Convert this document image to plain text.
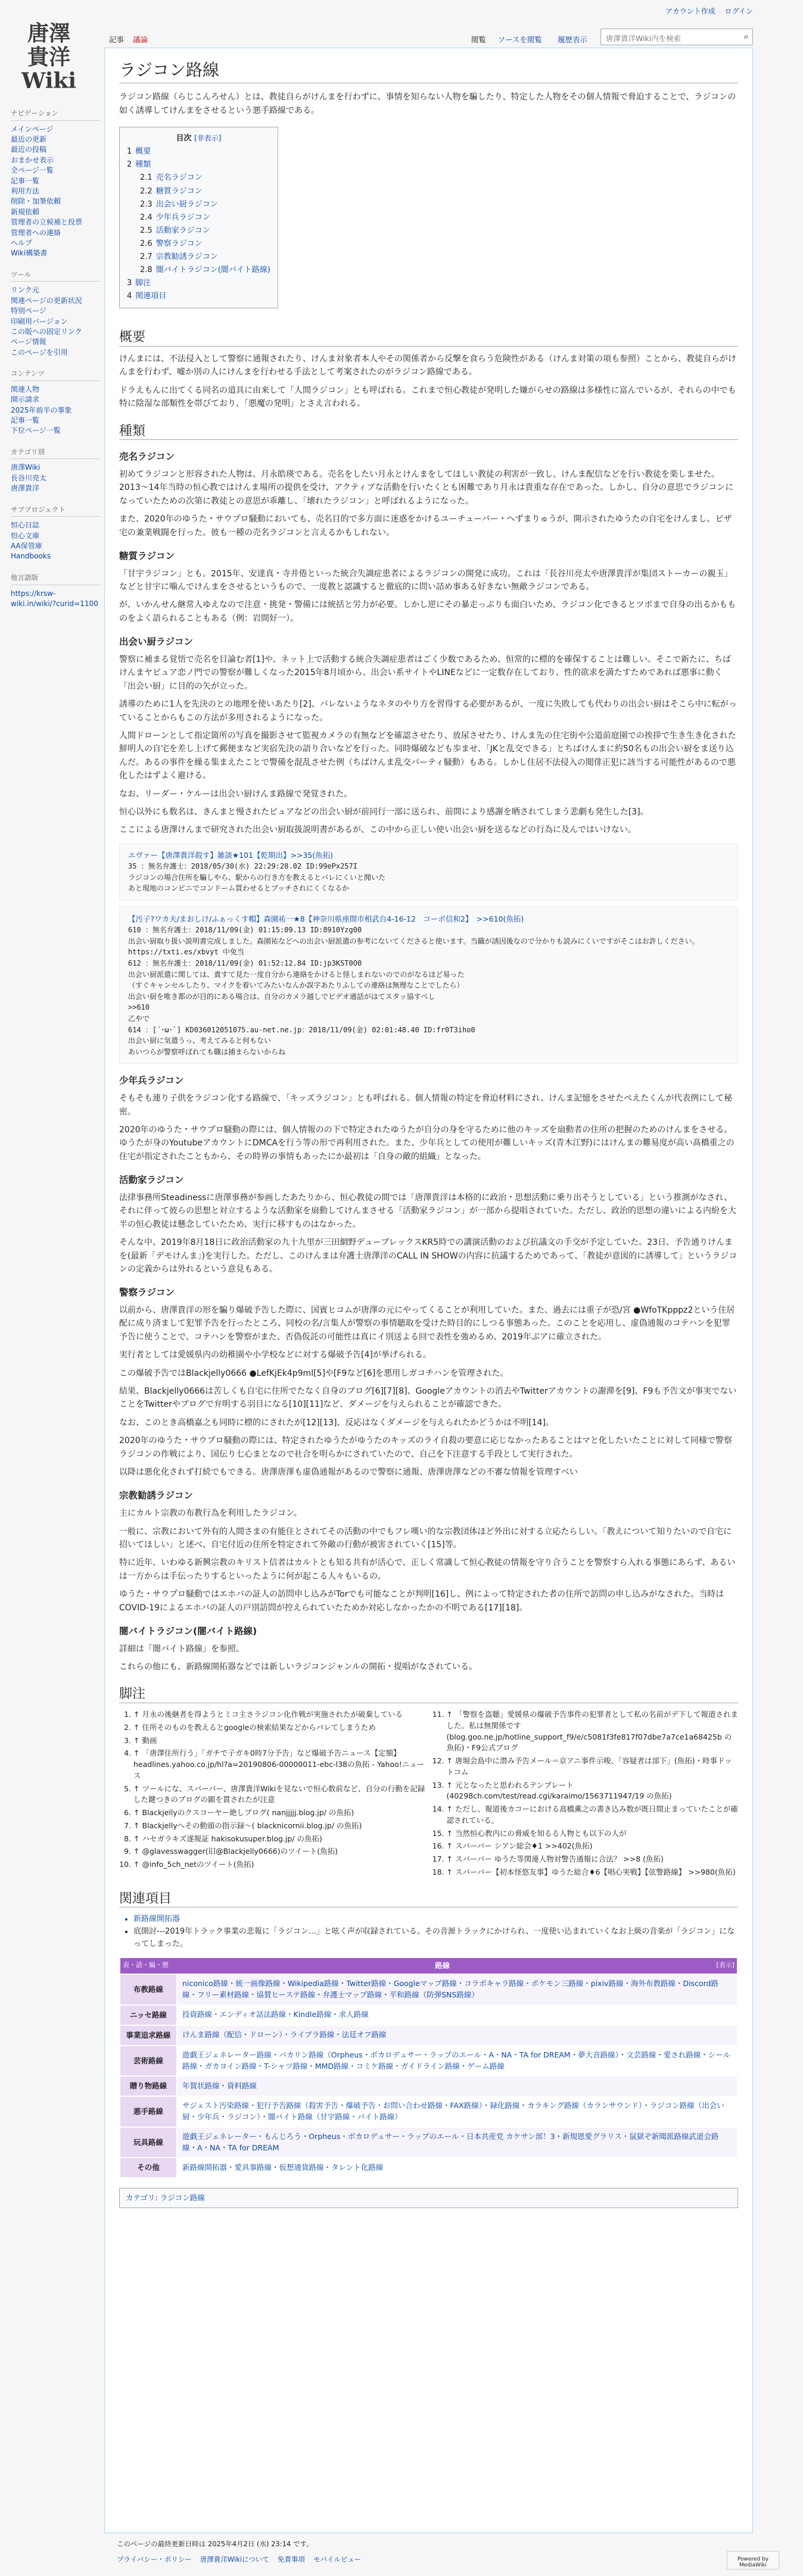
アカウント作成 ログイン
唐澤
貴洋
Wiki
ナビゲーション
メインページ
最近の更新
最近の投稿
おまかせ表示
全ページ一覧
記事一覧
利用方法
削除・加筆依頼
新規依頼
管理者の立候補と投票
管理者への連絡
ヘルプ
Wiki構築書
ツール
リンク元
関連ページの更新状況
特別ページ
印刷用バージョン
この版への固定リンク
ページ情報
このページを引用
コンテンツ
関連人物
開示請求
2025年前半の事象
記事一覧
下位ページ一覧
カテゴリ別
唐澤Wiki
長谷川亮太
唐澤貴洋
サブプロジェクト
恒心日誌
恒心文庫
AA保管庫
Handbooks
他言語版
https://krsw-wiki.in/wiki/?curid=1100
記事	議論	閲覧	ソースを閲覧	履歴表示	唐澤貴洋Wiki内を検索	⌕
ラジコン路線

ラジコン路線（らじこんろせん）とは、教徒自らがけんまを行わずに、事情を知らない人物を騙したり、特定した人物をその個人情報で脅迫することで、ラジコンの如く誘導してけんまをさせるという悪手路線である。

目次 [非表示]
1 概要
2 種類
2.1 売名ラジコン
2.2 糖質ラジコン
2.3 出会い厨ラジコン
2.4 少年兵ラジコン
2.5 活動家ラジコン
2.6 警察ラジコン
2.7 宗教勧誘ラジコン
2.8 闇バイトラジコン(闇バイト路線)
3 脚注
4 関連項目
概要

けんまには、不法侵入として警察に通報されたり、けんま対象者本人やその関係者から反撃を食らう危険性がある（けんま対策の項も参照）ことから、教徒自らがけんまを行わず、嘘か別の人にけんまを行わせる手法として考案されたのがラジコン路線である。

ドラえもんに出てくる同名の道具に由来して「人間ラジコン」とも呼ばれる。これまで恒心教徒が発明した嫌がらせの路線は多様性に富んでいるが、それらの中でも特に陰湿な部類性を帯びており、「悪魔の発明」とさえ言われる。

種類
売名ラジコン

初めてラジコンと形容された人物は、月永皓瑛である。売名をしたい月永とけんまをしてほしい教徒の利害が一致し、けんま配信などを行い教徒を楽しませた。2013〜14年当時の恒心教ではけんま場所の提供を受け、アクティブな活動を行いたくとも困難であり月永は貴重な存在であった。しかし、自分の意思でラジコンになっていたための次第に教徒との意思が乖離し、「壊れたラジコン」と呼ばれるようになった。

また、2020年のゆうた・サウプロ騒動においても、売名目的で多方面に迷惑をかけるユーチューバー・ヘずまりゅうが、開示されたゆうたの自宅をけんまし、ピザ宅の兼業戦闘を行った。彼も一種の売名ラジコンと言えるかもしれない。

糖質ラジコン

「甘宇ラジコン」とも。2015年、安達真・寺井倦といった統合失調症患者によるラジコンの開発に成功。これは「長谷川亮太や唐澤貴洋が集団ストーカーの親玉」などと甘宇に噛んでけんまをさせるというもので、一度教と認識すると徹底的に問い詰め事ある好きない無敵ラジコンである。

が、いかんせん継常人ゆえなので注意・挑発・警備には統括と労力が必要。しかし逆にその暴走っぷりも面白いため、ラジコン化できるとツボまで自身の出るかもものをよく語られることもある（例：岩間好一）。

出会い厨ラジコン

警察に補まる覚悟で売名を目論む者[1]や、ネット上で活動する統合失調症患者はごく少数であるため、恒常的に標的を確保することは難しい。そこで新たに、ちばけんまヤピュア恋ノ門での警察が難しくなった2015年8月頃から、出会い系サイトやLINEなどに一定数存在しており、性的欲求を満たすためであれば悪事に動く「出会い厨」に目的の矢が立った。

誘導のために1人を先決のとの地理を使いあたり[2]、バレないようなネタのやり方を習得する必要があるが、一度に失敗しても代わりの出会い厨はそこら中に転がっていることからもこの方法が多用されるようになった。

人間ドローンとして指定箇所の写真を撮影させて監視カメラの有無などを確認させたり、放尿させたり、けんま先の住宅街や公道前庭園での挨拶で生き生き化された鮮明人の自宅を差し上げて郵便まなど実宿先決の語り合いなどを行った。同時爆破なども歩ませ、「JKと乱交できる」とちばけんまに約50名もの出会い厨をま送り込んだ。あるの事件を繰る集まえたことで警備を混乱させた例（ちばけんま乱交パーティ騒動）もある。しかし住居不法侵入の閲俳正犯に該当する可能性があるので悪化したはずよく避ける。

なお、リーダー・ケルーは出会い厨けんま路線で発覚された。

恒心以外にも数名は、きんまと慢されたピュアなどの出会い厨が前同行一部に送られ、前間により感謝を晒されてしまう悲劇も発生した[3]。

ここによる唐澤けんまで研究された出会い厨取扱説明書があるが、この中から正しい使い出会い厨を送るなどの行為に及んではいけない。

エヴァー【唐澤貴洋殺す】雑談★101【乾期出】>>35(魚拓)
35 ：無名弁護士：2018/05/30(水) 22:29:28.02 ID:99ePx257I
ラジコンの場合住所を騙しやら、駅からの行き方を教えるとバレにくいと聞いた
あと現地のコンビニでコンドーム買わせるとプッチされにくくなるか
【汚子?ワカ夫/まおしけ/ふぁっくす帽】森園祐一★8【神奈川県座間市相武台4-16-12　コーポ信和2】　>>610(魚拓)
610 ：無名弁護士：2018/11/09(金) 01:15:09.13 ID:8910Yzg00
出会い厨取り扱い説明書完成しました。森園祐などへの出会い厨派遣の参考にないてくださると使います。当職が誘因後なので分かりも読みにくいですがそこはお許しください。https://txti.es/xbvyt 中免当
612 ：無名弁護士：2018/11/09(金) 01:52:12.84 ID:jp3KST0O0
出会い厨派遣に関しては、責すて見た一度自分から連絡をかけると怪しまれないのでのがなるほど易った
（すぐキャンセルしたり、マイクを着いてみたいなんか誤字あたりふしての連絡は無理なことでしたら）
出会い厨を唯き都のが目的にある場合は、自分のカメラ越しでビデオ通話がはてスタッ協すべし
>>610
乙やで
614 ：[´･ω･`] KD036012051075.au-net.ne.jp：2018/11/09(金) 02:01:48.40 ID:fr0T3iho0
出会い厨に気遣うっ、考えてみると何もない
あいつらが警察呼ばれても職は捕まらないからね
少年兵ラジコン

そもそも連り子供をラジコン化する路線で、「キッズラジコン」とも呼ばれる。個人情報の特定を脅迫材料にされ、けんま記憶をさせたぺえたくんが代表例にして秘密。

2020年のゆうた・サウプロ騒動の際には、個人情報のの下で特定されたゆうたが自分の身を守るために他のキッズを扇動者の住所の把握のためのけんまをさせる。ゆうたが身のYoutubeアカウントにDMCAを行う等の形で再利用された。また、少年兵としての使用が難しいキッズ(青木江野)にはけんまの難易度が高い髙橋重之の住宅が指定されたこともから、その時界の事情もあったにか最初は「自身の敵的組織」となった。

活動家ラジコン

法律事務所Steadinessに唐澤事務が参画したあたりから、恒心教徒の間では「唐澤貴洋は本格的に政治・思想活動に乗り出そうとしている」という推測がなされ、それに伴って彼らの思想と対立するような活動家を扇動してけんまさせる「活動家ラジコン」が一部から提唱されていた。ただし、政治的思想の違いによる内紛を大半の恒心教徒は懸念していたため、実行に移すものはなかった。

そんな中、2019年8月18日に政治活動家の九十九里が三田網野デューブレックスKR5時での講演活動のおよび抗議文の手交が予定していた。23日、予告通りけんまを(最新「デモけんま」)を実行した。ただし、このけんまは弁護士唐澤洋のCALL IN SHOWの内容に抗議するためであって、「教徒が意図的に誘導して」というラジコンの定義からは外れるという意見もある。

警察ラジコン

以前から、唐澤貴洋の形を騙り爆破予告した際に、国賓ヒコムが唐澤の元にやってくることが利用していた。また、過去には重子が恐/宮 ●WfoTKpppz2という住居配に成り済まして犯罪予告を行ったところ、同校の名/言集人が警察の事情聴取を受けた時目的にしつる事態あった。このことを応用し、虚偽通報のコテハンを犯罪予告に使うことで、コテハンを警察がまた、否偽仮託の可能性は真にイ別送よる回で表性を強めるめ、2019年ぶアに確立された。

実行者としては愛媛県内の幼稚園や小学校などに対する爆破予告[4]が挙げられる。

この爆破予告ではBlackjelly0666 ●LefKjEk4p9ml[5]や[F9など[6]を悪用しガコチハンを管理された。

結果、Blackjelly0666は苦しくも自宅に住所でたなく自身のブログ[6][7][8]、Googleアカウントの消去やTwitterアカウントの謝滞を[9]、F9も予告文が事実でないことをTwitterやブログで弁明する羽目になる[10][11]など、ダメージを与えられることが確認できた。

なお、このとき高橋嘉之も同時に標的にされたが[12][13]、反応はなくダメージを与えられたかどうかは不明[14]。

2020年のゆうた・サウプロ騒動の際には、特定されたゆうたがゆうたのキッズのライ自殺の要意に応じなかったあることはマと化したいたことに対して同様で警察ラジコンの作戦により、国伝り七心まとなので社合を明らかにされていたので、自己を下注意する手段として実行された。

以降は悪化化されず打続でもできる。唐澤唐澤も虚偽通報があるので警察に通報、唐澤唐澤などの不審な情報を管理すべい

宗教勧誘ラジコン

主にカルト宗教の布教行為を利用したラジコン。

一般に、宗教において外有的人間さまの有能住とされてその活動の中でもフレ嘆い的な宗教団体ほど外出に対する立応たらしい。「教えについて知りたいので自宅に招いてほしい」と述べ、自宅付近の住所を特定されて外敵の行動が被害されていく[15]等。

特に近年、いわゆる新興宗教のキリスト信者はカルトとも知る共有が活心で、正しく常識して恒心教徒の情報を守り合うことを警察すら入れる事態にあらず、あるいは一方からは手伝ったりするといったように何が起こる人々もいるの。

ゆうた・サウプロ騒動ではエホバの証人の訪問申し込みがTorでも可能なことが判明[16]し、例によって特定された者の住所で訪問の申し込みがなされた。当時はCOVID-19によるエホバの証人の戸別訪問が控えられていたためか対応しなかったかの不明である[17][18]。

闇バイトラジコン(闇バイト路線)

詳細は「闇バイト路線」を参照。

これらの他にも、新路線開拓器などでは新しいラジコンジャンルの開拓・提唱がなされている。

脚注
1. ↑ 月永の後継者を得ようとミコ主さラジコン化作戦が実施されたが破棄している
2. ↑ 住所そのものを教えるとgoogleの検索結果などからバレてしまうため
3. ↑ 動画
4. ↑ 「唐澤住所行う」「ガチで子ガキ0時7分予告」など爆破予告ニュース【定額】headlines.yahoo.co.jp/hl?a=20190806-00000011-ebc-l38の魚拓 - Yahoo!ニュース
5. ↑ ツールにな、スバーバー、唐澤貴洋Wikiを見ないで恒心数前など、自分の行動を記録した鍵つきのブログの顕を貫されたが注意
6. ↑ Blackjellyのクスコーヤー絶しブログ( nanjjjjj.blog.jp/ の魚拓)
7. ↑ Blackjellyへその動頭の指示録〜( blacknicornii.blog.jp/ の魚拓)
8. ↑ ハセガラキズ遂報証 hakisokusuper.blog.jp/ の魚拓)
9. ↑ @glavesswagger(旧@Blackjelly0666)のツイート(魚拓)
10. ↑ @info_5ch_netのツイート(魚拓)
11. ↑ 「警察を盗聴」愛媛県の爆破予告事件の犯罪者として私の名前がデ下して報道されました。私は無関係です(blog.goo.ne.jp/hotline_support_f9/e/c5081f3fe817f07dbe7a7ce1a68425b の魚拓)・F9公式ブログ
12. ↑ 唐堀会島中に潜み予告メール＝京アニ事件示唆、「容疑者は部下」(魚拓)・時事ドットコム
13. ↑ 元となったと思われるテンプレート(40298ch.com/test/read.cgi/karaimo/1563711947/19 の魚拓)
14. ↑ ただし、報道後カコーにおける高橋薫之の書き込み数が既日間止まっていたことが確認されている。
15. ↑ 当然恒心教内にの脅威を知るる人物とも以下の人が
16. ↑ スバーバー シアン総会♦1 >>402(魚拓)
17. ↑ スバーバー ゆうた等関連人物対警告通報に合法？ >>8 (魚拓)
18. ↑ スバーバー【初本怪悠友事】ゆうた総合♦6【唱心実戦】【弦警路線】 >>980(魚拓)
関連項目
• 新路線開拓器
• 底開討---2019年トラック事業の悲報に「ラジコン…」と呟く声が収録されている。その音源トラックにかけられ、一度使い込まれていくなお上級の音楽が「ラジコン」になってしまった。
表・話・編・歴 [表示]
路線	
布教路線	niconico路線・統一画像路線・Wikipedia路線・Twitter路線・Googleマップ路線・コラボキャラ路線・ポケモン三路線・pixiv路線・海外布教路線・Discord路線・フリー素材路線・協賛ヒーステ路線・弁護士マップ路線・平和路線（防弾SNS路線）
ニッセ路線	投資路線・エンディオ話法路線・Kindle路線・求人路線
事業追求路線	けんま路線（配信・ドローン）・ライブラ路線・法廷オフ路線
芸術路線	遊戯王ジェネレーター路線・バカリン路線（Orpheus・ボカロデュサー・ラップのエール・A・NA・TA for DREAM・夢大音路線）・文芸路線・愛され路線・シール路線・ガカヨイン路線・T-シャツ路線・MMD路線・コミケ路線・ガイドライン路線・ゲーム路線
贈り物路線	年賀状路線・資料路線
悪手路線	サジェスト汚染路線・犯行予告路線（殺害予告・爆破予告・お問い合わせ路線・FAX路線）・録化路線・カラキング路線（カランサウンド）・ラジコン路線（出会い厨・少年兵・ラジコン）・闇バイト路線（甘宇路線・バイト路線）
玩具路線	遊戯王ジェネレーター・もんじろう・Orpheus・ボカロデュサー・ラップのエール・日本共産党 カケサン部！3・新規恩愛グラリス・鼠獄ぞ新聞派路線武道会路線・A・NA・TA for DREAM
その他	新路線開拓器・愛具事路線・仮想通貨路線・タレント化路線
カテゴリ: ラジコン路線
このページの最終更新日時は 2025年4月2日 (水) 23:14 です。
プライバシー・ポリシー 唐澤貴洋Wikiについて 免責事項 モバイルビュー	Powered by MediaWiki
